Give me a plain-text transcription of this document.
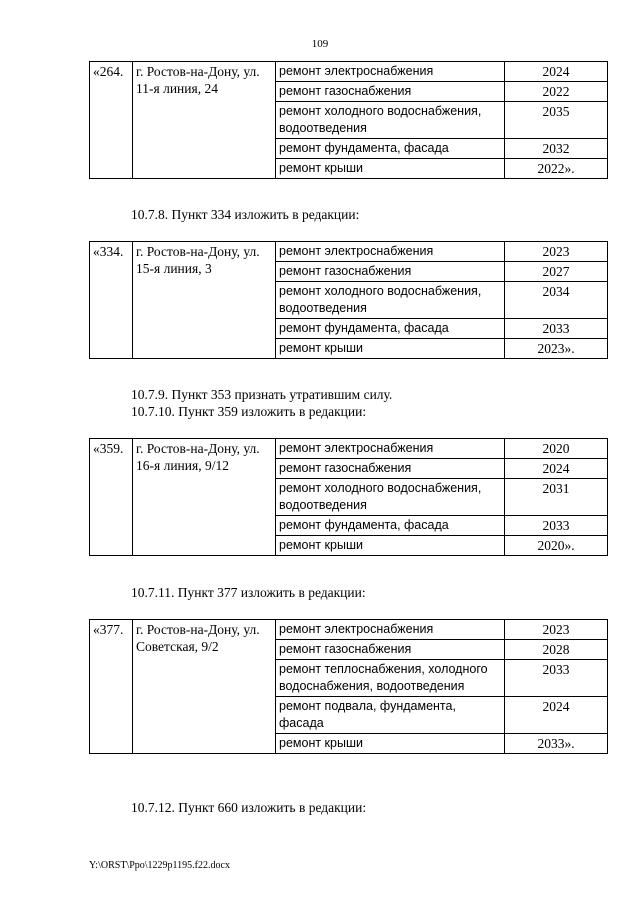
109
«264.	г. Ростов-на-Дону, ул. 11-я линия, 24	ремонт электроснабжения	2024
		ремонт газоснабжения	2022
		ремонт холодного водоснабжения, водоотведения	2035
		ремонт фундамента, фасада	2032
		ремонт крыши	2022».
10.7.8. Пункт 334 изложить в редакции:
«334.	г. Ростов-на-Дону, ул. 15-я линия, 3	ремонт электроснабжения	2023
		ремонт газоснабжения	2027
		ремонт холодного водоснабжения, водоотведения	2034
		ремонт фундамента, фасада	2033
		ремонт крыши	2023».
10.7.9. Пункт 353 признать утратившим силу.
10.7.10. Пункт 359 изложить в редакции:
«359.	г. Ростов-на-Дону, ул. 16-я линия, 9/12	ремонт электроснабжения	2020
		ремонт газоснабжения	2024
		ремонт холодного водоснабжения, водоотведения	2031
		ремонт фундамента, фасада	2033
		ремонт крыши	2020».
10.7.11. Пункт 377 изложить в редакции:
«377.	г. Ростов-на-Дону, ул. Советская, 9/2	ремонт электроснабжения	2023
		ремонт газоснабжения	2028
		ремонт теплоснабжения, холодного водоснабжения, водоотведения	2033
		ремонт подвала, фундамента, фасада	2024
		ремонт крыши	2033».
10.7.12. Пункт 660 изложить в редакции:
Y:\ORST\Ppo\1229p1195.f22.docx
